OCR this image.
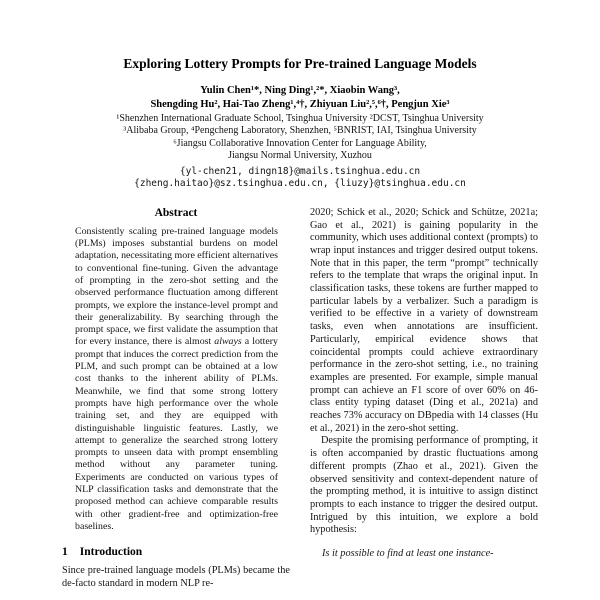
Exploring Lottery Prompts for Pre-trained Language Models
Yulin Chen¹*, Ning Ding¹,²*, Xiaobin Wang³,
Shengding Hu², Hai-Tao Zheng¹,⁴†, Zhiyuan Liu²,⁵,⁶†, Pengjun Xie³
¹Shenzhen International Graduate School, Tsinghua University ²DCST, Tsinghua University
³Alibaba Group, ⁴Pengcheng Laboratory, Shenzhen, ⁵BNRIST, IAI, Tsinghua University
⁶Jiangsu Collaborative Innovation Center for Language Ability,
Jiangsu Normal University, Xuzhou
{yl-chen21, dingn18}@mails.tsinghua.edu.cn
{zheng.haitao}@sz.tsinghua.edu.cn, {liuzy}@tsinghua.edu.cn
Abstract

Consistently scaling pre-trained language models (PLMs) imposes substantial burdens on model adaptation, necessitating more efficient alternatives to conventional fine-tuning. Given the advantage of prompting in the zero-shot setting and the observed performance fluctuation among different prompts, we explore the instance-level prompt and their generalizability. By searching through the prompt space, we first validate the assumption that for every instance, there is almost always a lottery prompt that induces the correct prediction from the PLM, and such prompt can be obtained at a low cost thanks to the inherent ability of PLMs. Meanwhile, we find that some strong lottery prompts have high performance over the whole training set, and they are equipped with distinguishable linguistic features. Lastly, we attempt to generalize the searched strong lottery prompts to unseen data with prompt ensembling method without any parameter tuning. Experiments are conducted on various types of NLP classification tasks and demonstrate that the proposed method can achieve comparable results with other gradient-free and optimization-free baselines.

1 Introduction

Since pre-trained language models (PLMs) became the de-facto standard in modern NLP re-

2020; Schick et al., 2020; Schick and Schütze, 2021a; Gao et al., 2021) is gaining popularity in the community, which uses additional context (prompts) to wrap input instances and trigger desired output tokens. Note that in this paper, the term “prompt” technically refers to the template that wraps the original input. In classification tasks, these tokens are further mapped to particular labels by a verbalizer. Such a paradigm is verified to be effective in a variety of downstream tasks, even when annotations are insufficient. Particularly, empirical evidence shows that coincidental prompts could achieve extraordinary performance in the zero-shot setting, i.e., no training examples are presented. For example, simple manual prompt can achieve an F1 score of over 60% on 46-class entity typing dataset (Ding et al., 2021a) and reaches 73% accuracy on DBpedia with 14 classes (Hu et al., 2021) in the zero-shot setting.

Despite the promising performance of prompting, it is often accompanied by drastic fluctuations among different prompts (Zhao et al., 2021). Given the observed sensitivity and context-dependent nature of the prompting method, it is intuitive to assign distinct prompts to each instance to trigger the desired output. Intrigued by this intuition, we explore a bold hypothesis:

Is it possible to find at least one instance-
